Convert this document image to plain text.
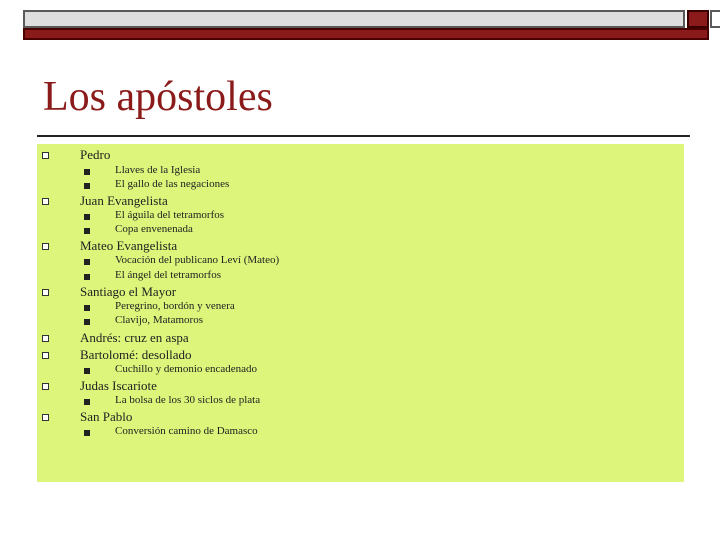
Los apóstoles
Pedro
Llaves de la Iglesia
El gallo de las negaciones
Juan Evangelista
El águila del tetramorfos
Copa envenenada
Mateo Evangelista
Vocación del publicano Leví (Mateo)
El ángel del tetramorfos
Santiago el Mayor
Peregrino, bordón y venera
Clavijo, Matamoros
Andrés: cruz en aspa
Bartolomé: desollado
Cuchillo y demonio encadenado
Judas Iscariote
La bolsa de los 30 siclos de plata
San Pablo
Conversión camino de Damasco
